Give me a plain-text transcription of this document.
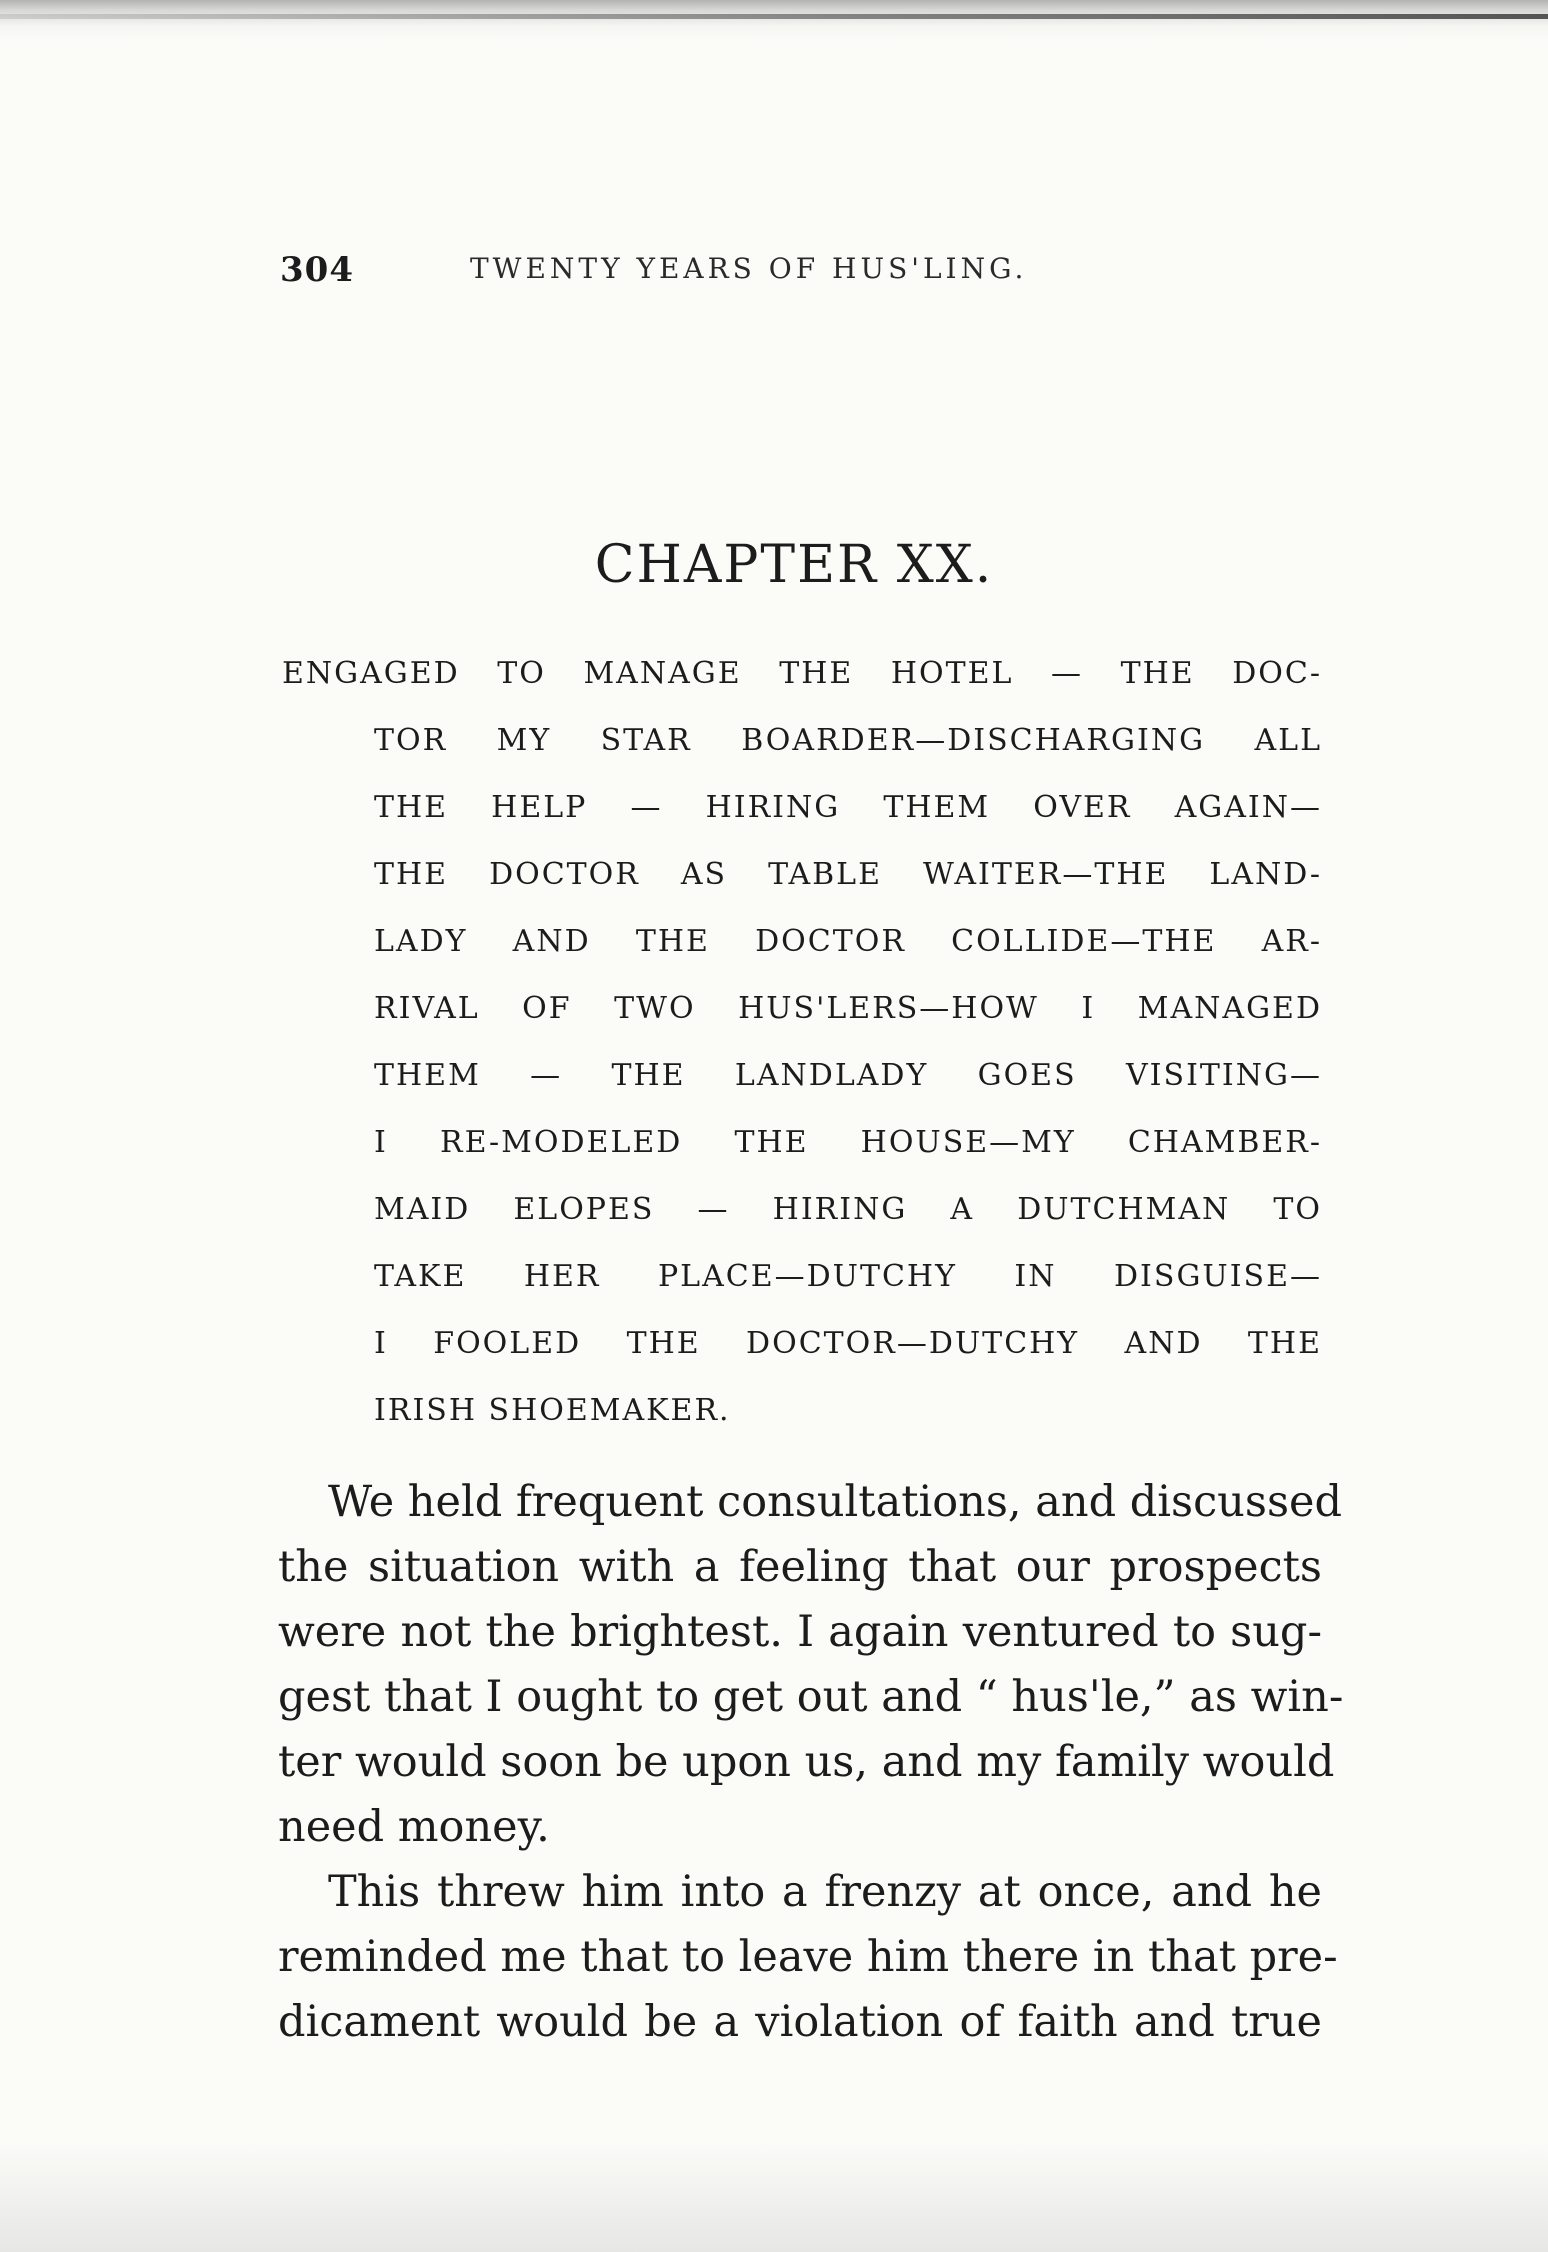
304	TWENTY YEARS OF HUS'LING.
CHAPTER XX.
ENGAGED TO MANAGE THE HOTEL — THE DOC-
TOR MY STAR BOARDER—DISCHARGING ALL
THE HELP — HIRING THEM OVER AGAIN—
THE DOCTOR AS TABLE WAITER—THE LAND-
LADY AND THE DOCTOR COLLIDE—THE AR-
RIVAL OF TWO HUS'LERS—HOW I MANAGED
THEM — THE LANDLADY GOES VISITING—
I RE-MODELED THE HOUSE—MY CHAMBER-
MAID ELOPES — HIRING A DUTCHMAN TO
TAKE HER PLACE—DUTCHY IN DISGUISE—
I FOOLED THE DOCTOR—DUTCHY AND THE
IRISH SHOEMAKER.
We held frequent consultations, and discussed
the situation with a feeling that our prospects
were not the brightest. I again ventured to sug-
gest that I ought to get out and “ hus'le,” as win-
ter would soon be upon us, and my family would
need money.
This threw him into a frenzy at once, and he
reminded me that to leave him there in that pre-
dicament would be a violation of faith and true
